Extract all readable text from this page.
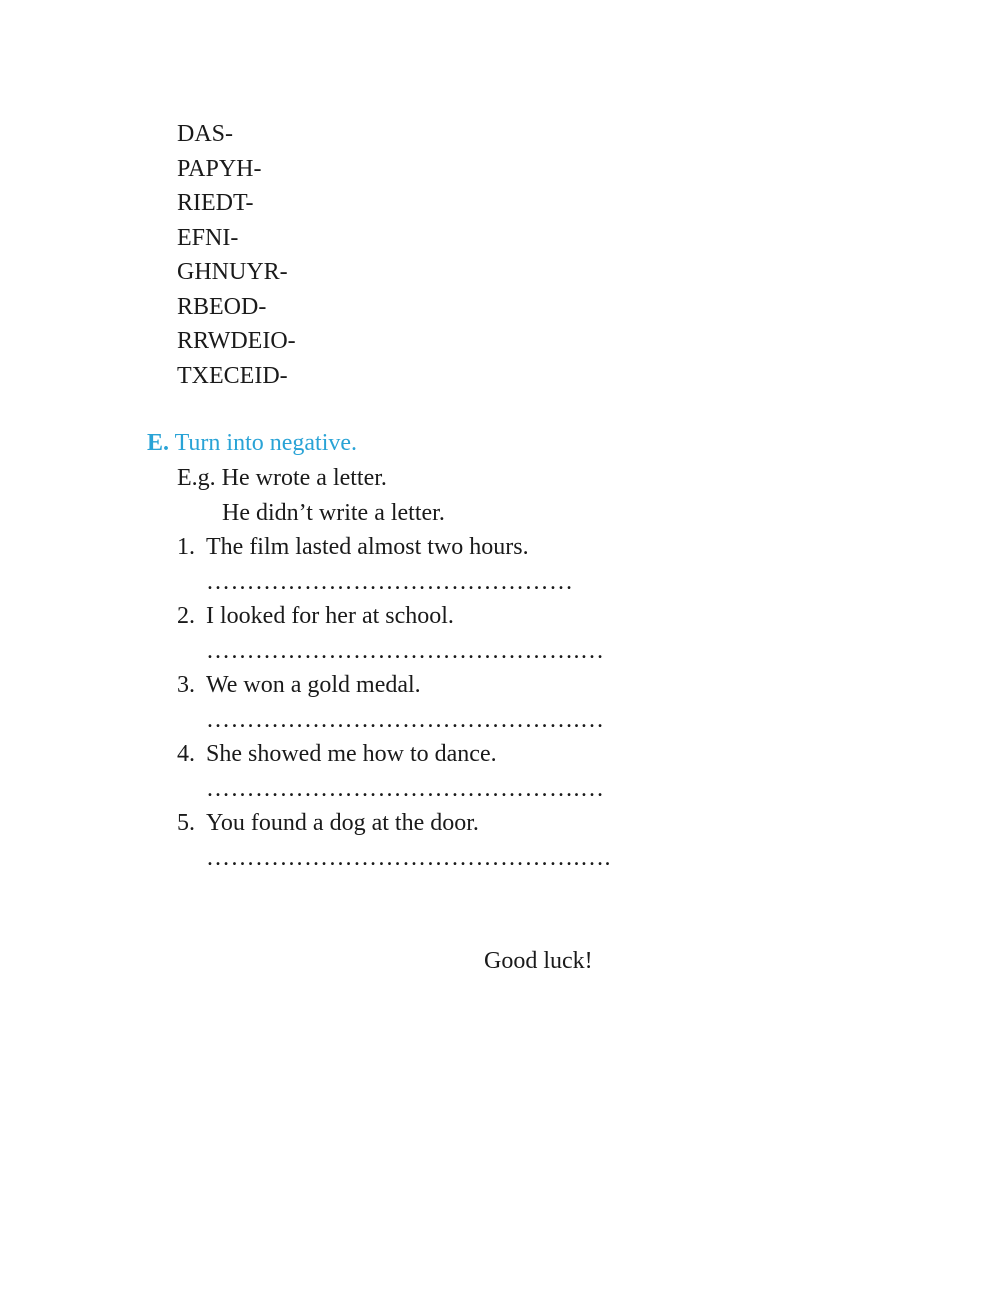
DAS-
PAPYH-
RIEDT-
EFNI-
GHNUYR-
RBEOD-
RRWDEIO-
TXECEID-
E. Turn into negative.
E.g. He wrote a letter.
He didn’t write a letter.
1. The film lasted almost two hours.
………………………………………
2. I looked for her at school.
……………………………………….…
3. We won a gold medal.
……………………………………….…
4. She showed me how to dance.
……………………………………….…
5. You found a dog at the door.
……………………………………….….
Good luck!
